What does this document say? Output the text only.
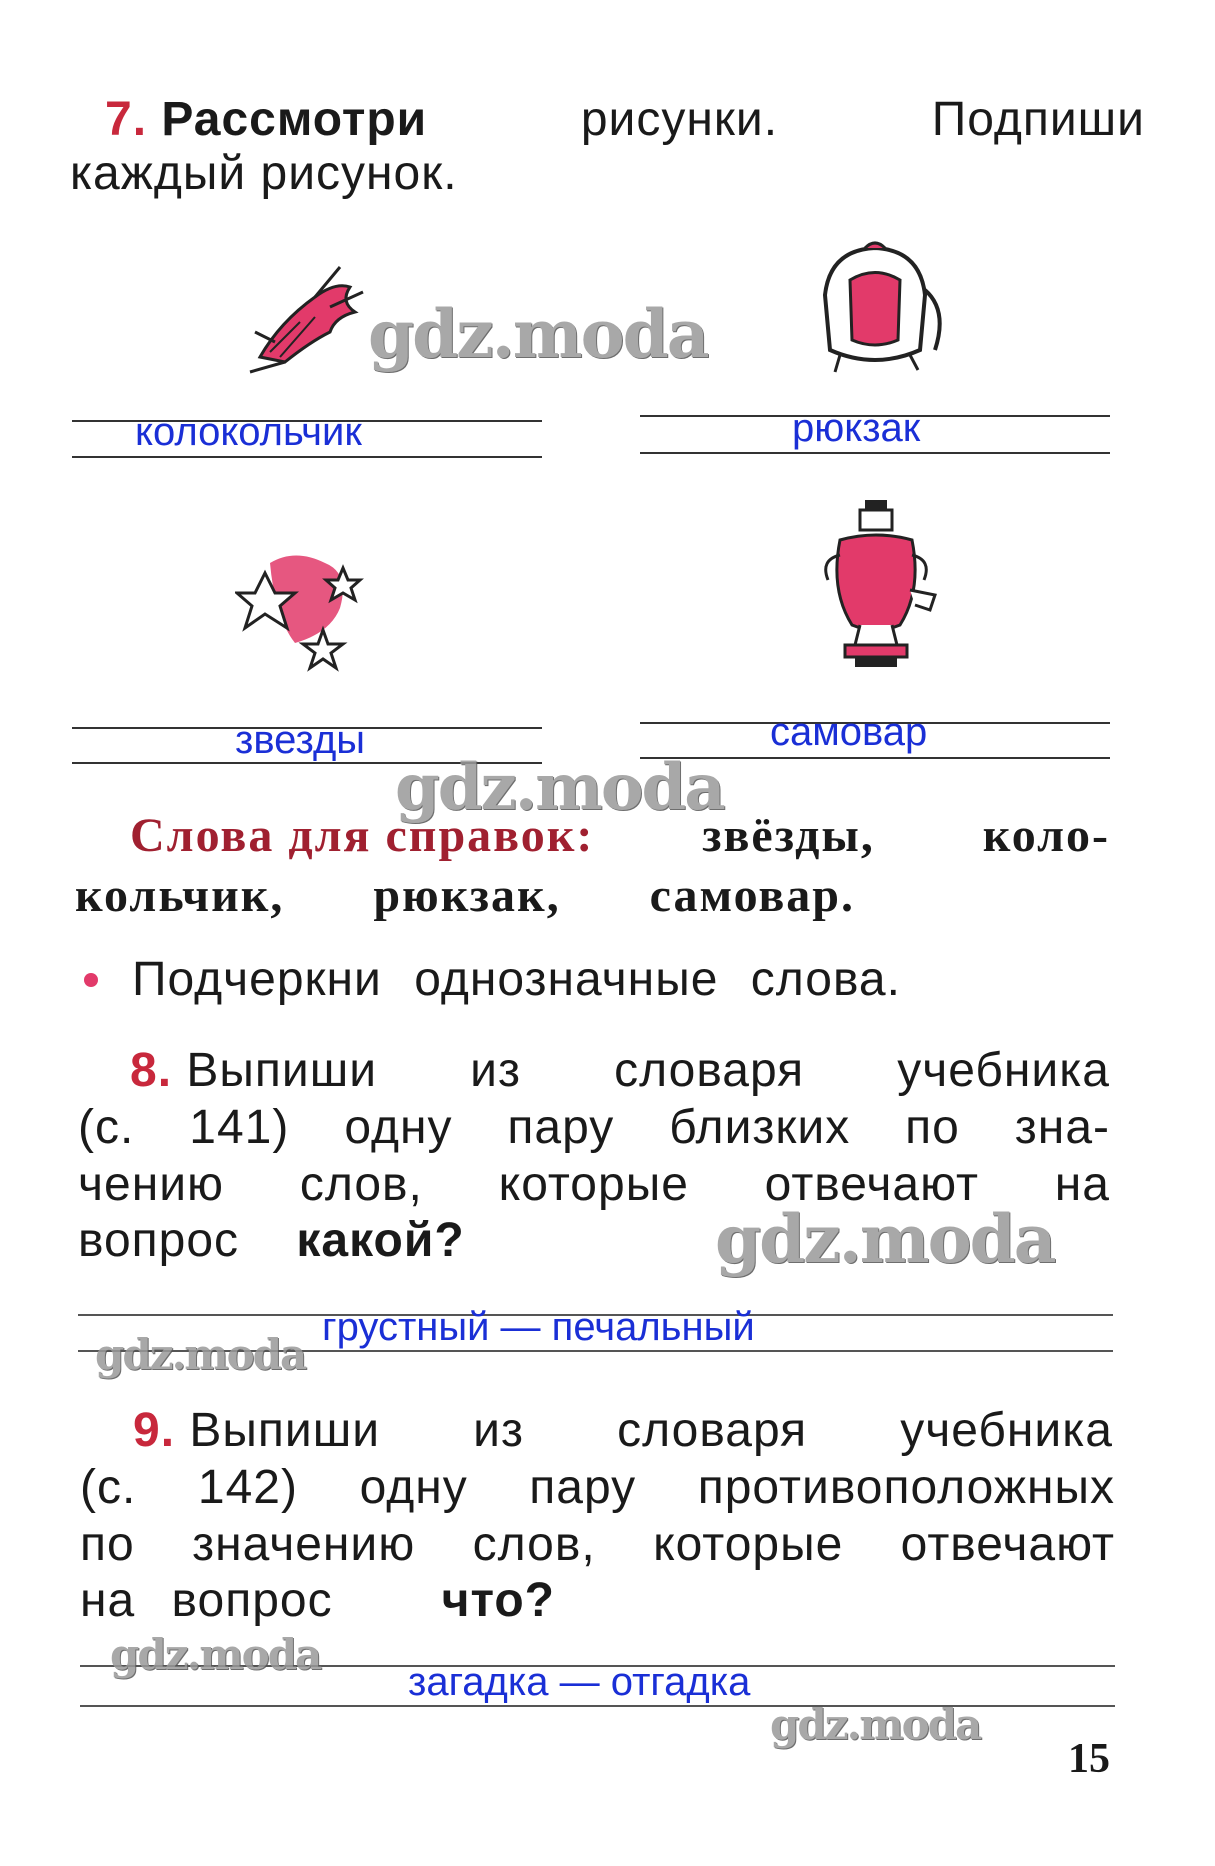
7. Рассмотри	рисунки.	Подпиши
каждый рисунок.
колокольчик	рюкзак
звезды	самовар
Слова для справок: звёзды, коло-
кольчик, рюкзак, самовар.
Подчеркни однозначные слова.
8. Выпиши из словаря учебника
(с. 141) одну пару близких по зна-
чению слов, которые отвечают на
вопрос какой?
грустный — печальный
9. Выпиши из словаря учебника
(с. 142) одну пару противоположных
по значению слов, которые отвечают
на вопрос что?
загадка — отгадка
15
gdz.moda
gdz.moda
gdz.moda
gdz.moda
gdz.moda
gdz.moda
